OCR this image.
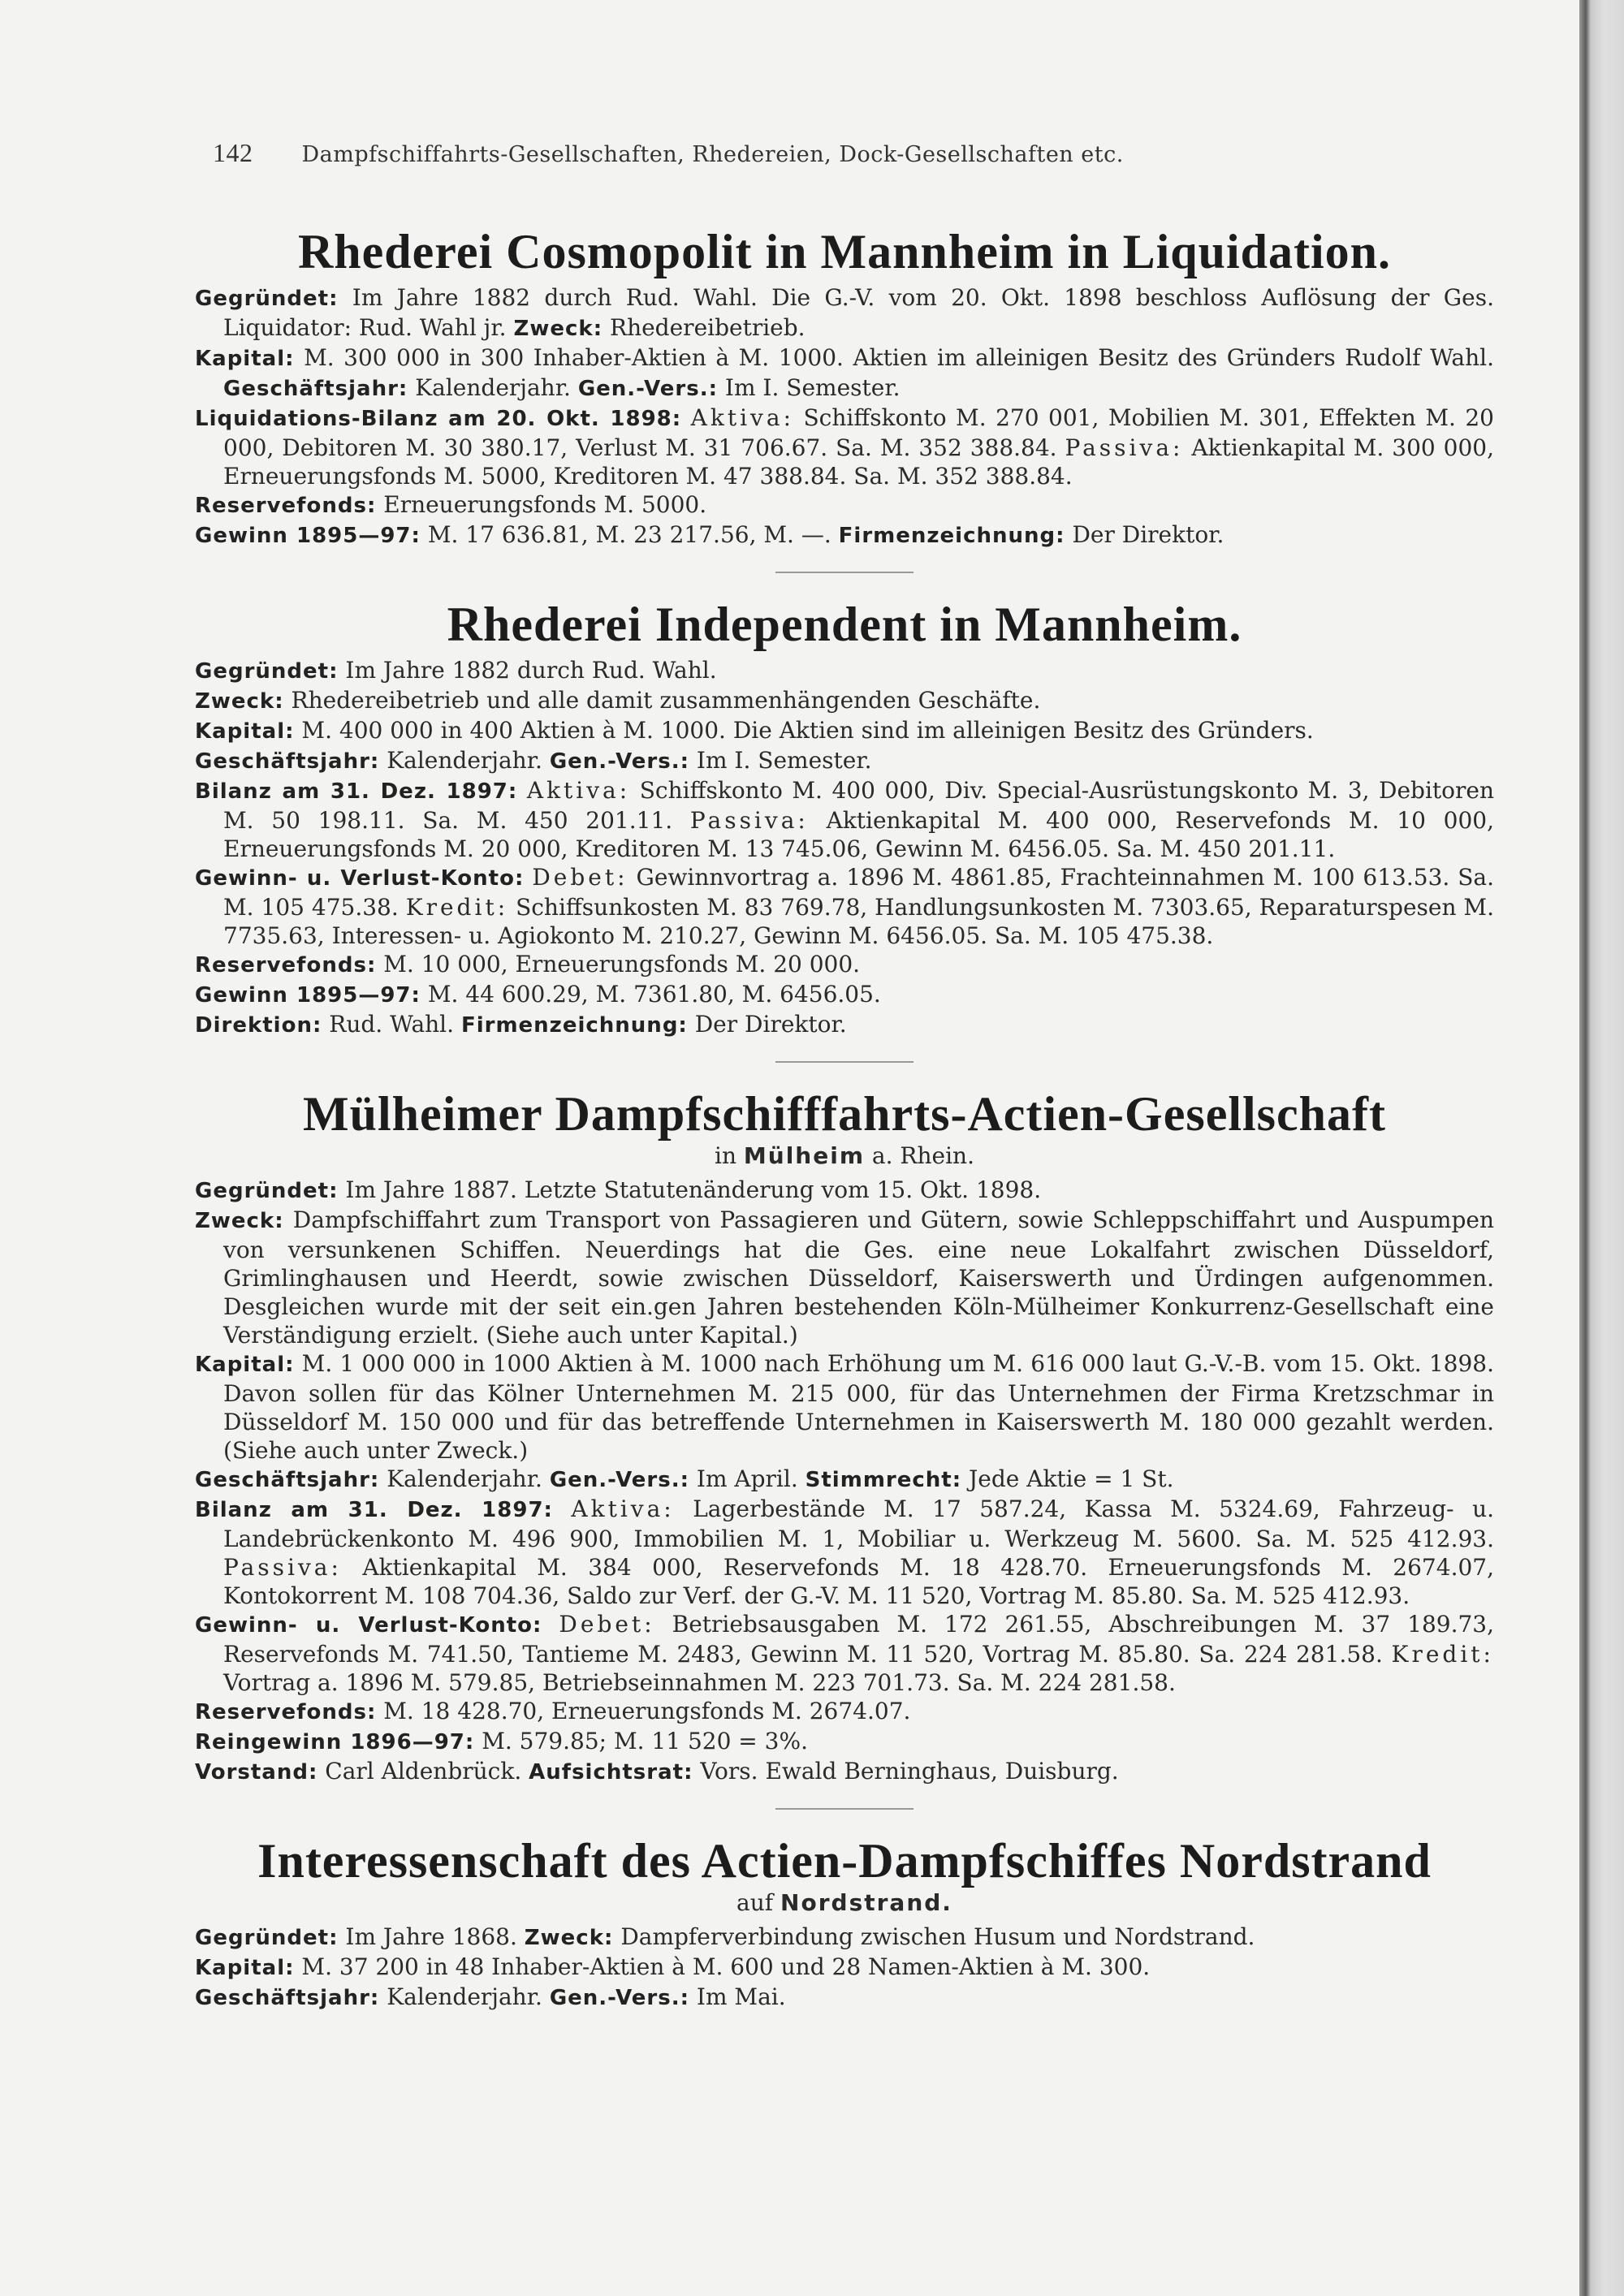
142 Dampfschiffahrts-Gesellschaften, Rhedereien, Dock-Gesellschaften etc.
Rhederei Cosmopolit in Mannheim in Liquidation.

Gegründet: Im Jahre 1882 durch Rud. Wahl. Die G.-V. vom 20. Okt. 1898 beschloss Auflösung der Ges. Liquidator: Rud. Wahl jr. Zweck: Rhedereibetrieb.

Kapital: M. 300 000 in 300 Inhaber-Aktien à M. 1000. Aktien im alleinigen Besitz des Gründers Rudolf Wahl. Geschäftsjahr: Kalenderjahr. Gen.-Vers.: Im I. Semester.

Liquidations-Bilanz am 20. Okt. 1898: Aktiva: Schiffskonto M. 270 001, Mobilien M. 301, Effekten M. 20 000, Debitoren M. 30 380.17, Verlust M. 31 706.67. Sa. M. 352 388.84. Passiva: Aktienkapital M. 300 000, Erneuerungsfonds M. 5000, Kreditoren M. 47 388.84. Sa. M. 352 388.84.

Reservefonds: Erneuerungsfonds M. 5000.

Gewinn 1895—97: M. 17 636.81, M. 23 217.56, M. —. Firmenzeichnung: Der Direktor.

Rhederei Independent in Mannheim.

Gegründet: Im Jahre 1882 durch Rud. Wahl.

Zweck: Rhedereibetrieb und alle damit zusammenhängenden Geschäfte.

Kapital: M. 400 000 in 400 Aktien à M. 1000. Die Aktien sind im alleinigen Besitz des Gründers.

Geschäftsjahr: Kalenderjahr. Gen.-Vers.: Im I. Semester.

Bilanz am 31. Dez. 1897: Aktiva: Schiffskonto M. 400 000, Div. Special-Ausrüstungskonto M. 3, Debitoren M. 50 198.11. Sa. M. 450 201.11. Passiva: Aktienkapital M. 400 000, Reservefonds M. 10 000, Erneuerungsfonds M. 20 000, Kreditoren M. 13 745.06, Gewinn M. 6456.05. Sa. M. 450 201.11.

Gewinn- u. Verlust-Konto: Debet: Gewinnvortrag a. 1896 M. 4861.85, Frachteinnahmen M. 100 613.53. Sa. M. 105 475.38. Kredit: Schiffsunkosten M. 83 769.78, Handlungsunkosten M. 7303.65, Reparaturspesen M. 7735.63, Interessen- u. Agiokonto M. 210.27, Gewinn M. 6456.05. Sa. M. 105 475.38.

Reservefonds: M. 10 000, Erneuerungsfonds M. 20 000.

Gewinn 1895—97: M. 44 600.29, M. 7361.80, M. 6456.05.

Direktion: Rud. Wahl. Firmenzeichnung: Der Direktor.

Mülheimer Dampfschifffahrts-Actien-Gesellschaft
in Mülheim a. Rhein.

Gegründet: Im Jahre 1887. Letzte Statutenänderung vom 15. Okt. 1898.

Zweck: Dampfschiffahrt zum Transport von Passagieren und Gütern, sowie Schleppschiffahrt und Auspumpen von versunkenen Schiffen. Neuerdings hat die Ges. eine neue Lokalfahrt zwischen Düsseldorf, Grimlinghausen und Heerdt, sowie zwischen Düsseldorf, Kaiserswerth und Ürdingen aufgenommen. Desgleichen wurde mit der seit ein.gen Jahren bestehenden Köln-Mülheimer Konkurrenz-Gesellschaft eine Verständigung erzielt. (Siehe auch unter Kapital.)

Kapital: M. 1 000 000 in 1000 Aktien à M. 1000 nach Erhöhung um M. 616 000 laut G.-V.-B. vom 15. Okt. 1898. Davon sollen für das Kölner Unternehmen M. 215 000, für das Unternehmen der Firma Kretzschmar in Düsseldorf M. 150 000 und für das betreffende Unternehmen in Kaiserswerth M. 180 000 gezahlt werden. (Siehe auch unter Zweck.)

Geschäftsjahr: Kalenderjahr. Gen.-Vers.: Im April. Stimmrecht: Jede Aktie = 1 St.

Bilanz am 31. Dez. 1897: Aktiva: Lagerbestände M. 17 587.24, Kassa M. 5324.69, Fahrzeug- u. Landebrückenkonto M. 496 900, Immobilien M. 1, Mobiliar u. Werkzeug M. 5600. Sa. M. 525 412.93. Passiva: Aktienkapital M. 384 000, Reservefonds M. 18 428.70. Erneuerungsfonds M. 2674.07, Kontokorrent M. 108 704.36, Saldo zur Verf. der G.-V. M. 11 520, Vortrag M. 85.80. Sa. M. 525 412.93.

Gewinn- u. Verlust-Konto: Debet: Betriebsausgaben M. 172 261.55, Abschreibungen M. 37 189.73, Reservefonds M. 741.50, Tantieme M. 2483, Gewinn M. 11 520, Vortrag M. 85.80. Sa. 224 281.58. Kredit: Vortrag a. 1896 M. 579.85, Betriebseinnahmen M. 223 701.73. Sa. M. 224 281.58.

Reservefonds: M. 18 428.70, Erneuerungsfonds M. 2674.07.

Reingewinn 1896—97: M. 579.85; M. 11 520 = 3%.

Vorstand: Carl Aldenbrück. Aufsichtsrat: Vors. Ewald Berninghaus, Duisburg.

Interessenschaft des Actien-Dampfschiffes Nordstrand
auf Nordstrand.

Gegründet: Im Jahre 1868. Zweck: Dampferverbindung zwischen Husum und Nordstrand.

Kapital: M. 37 200 in 48 Inhaber-Aktien à M. 600 und 28 Namen-Aktien à M. 300.

Geschäftsjahr: Kalenderjahr. Gen.-Vers.: Im Mai.
